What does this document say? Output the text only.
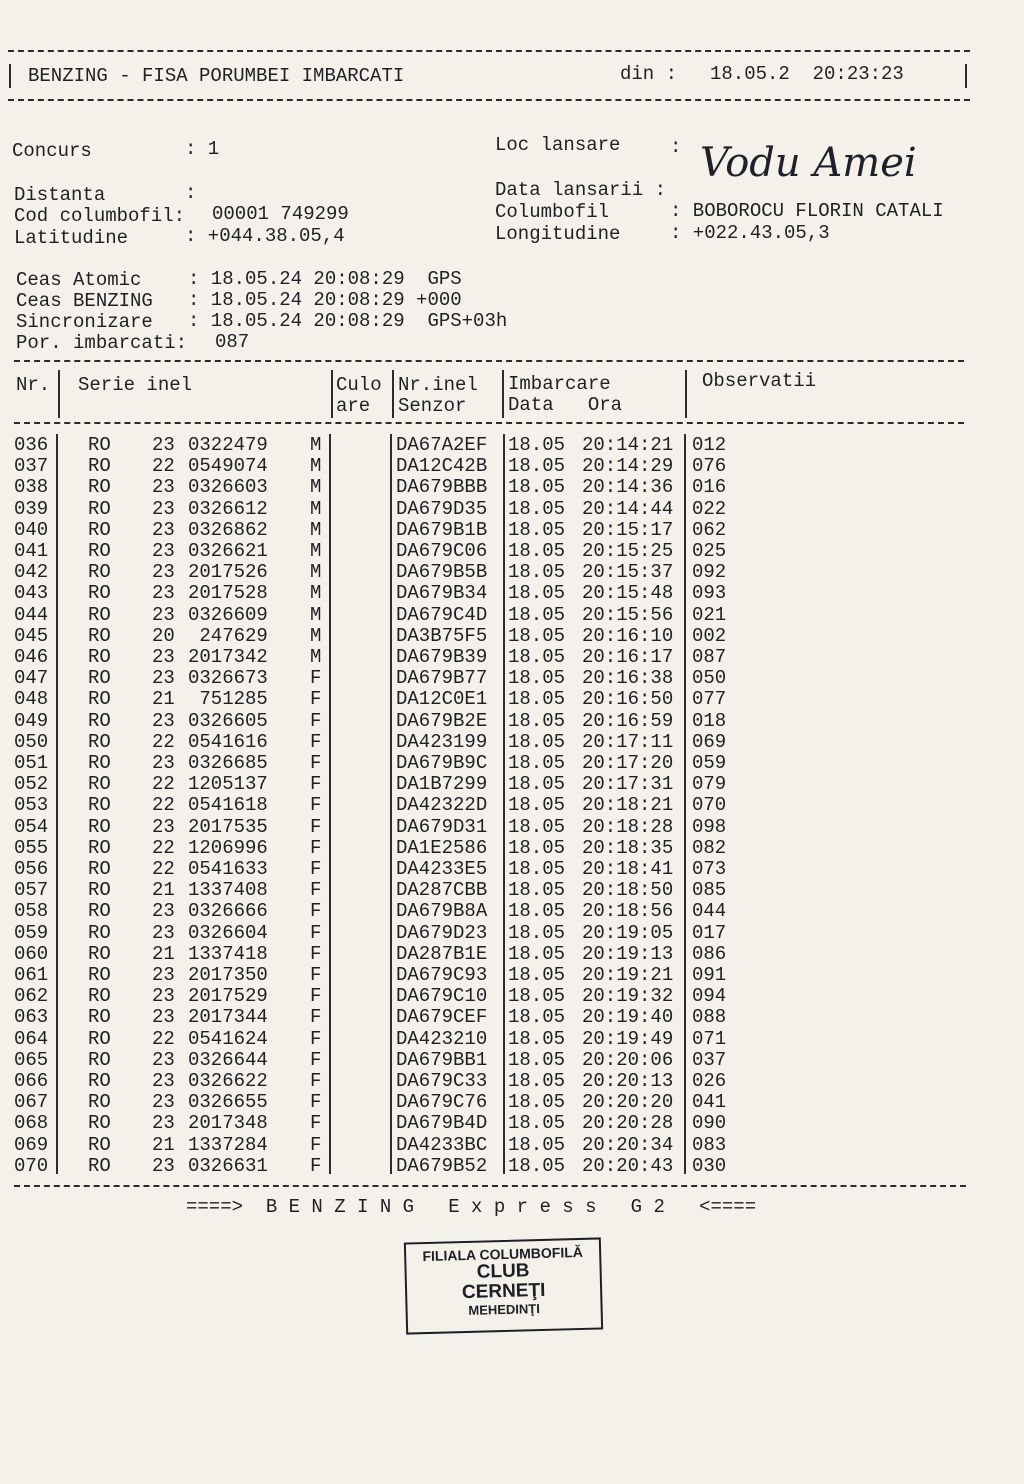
BENZING - FISA PORUMBEI IMBARCATI	din : 18.05.2  20:23:23
Concurs	: 1	Loc lansare	: Vodu Amei
Distanta	:	Data lansarii :
Cod columbofil: 00001 749299	Columbofil	: BOBOROCU FLORIN CATALI
Latitudine	: +044.38.05,4	Longitudine	: +022.43.05,3
Ceas Atomic : 18.05.24 20:08:29  GPS
Ceas BENZING : 18.05.24 20:08:29 +000
Sincronizare : 18.05.24 20:08:29  GPS+03h
Por. imbarcati: 087
Nr. Serie inel	Culo
are
Nr.inel
Senzor
Imbarcare
Data   Ora
Observatii
036 RO 23 0322479 M	DA67A2EF 18.05 20:14:21 012
037 RO 22 0549074 M	DA12C42B 18.05 20:14:29 076
038 RO 23 0326603 M	DA679BBB 18.05 20:14:36 016
039 RO 23 0326612 M	DA679D35 18.05 20:14:44 022
040 RO 23 0326862 M	DA679B1B 18.05 20:15:17 062
041 RO 23 0326621 M	DA679C06 18.05 20:15:25 025
042 RO 23 2017526 M	DA679B5B 18.05 20:15:37 092
043 RO 23 2017528 M	DA679B34 18.05 20:15:48 093
044 RO 23 0326609 M	DA679C4D 18.05 20:15:56 021
045 RO 20 247629 M	DA3B75F5 18.05 20:16:10 002
046 RO 23 2017342 M	DA679B39 18.05 20:16:17 087
047 RO 23 0326673 F	DA679B77 18.05 20:16:38 050
048 RO 21 751285 F	DA12C0E1 18.05 20:16:50 077
049 RO 23 0326605 F	DA679B2E 18.05 20:16:59 018
050 RO 22 0541616 F	DA423199 18.05 20:17:11 069
051 RO 23 0326685 F	DA679B9C 18.05 20:17:20 059
052 RO 22 1205137 F	DA1B7299 18.05 20:17:31 079
053 RO 22 0541618 F	DA42322D 18.05 20:18:21 070
054 RO 23 2017535 F	DA679D31 18.05 20:18:28 098
055 RO 22 1206996 F	DA1E2586 18.05 20:18:35 082
056 RO 22 0541633 F	DA4233E5 18.05 20:18:41 073
057 RO 21 1337408 F	DA287CBB 18.05 20:18:50 085
058 RO 23 0326666 F	DA679B8A 18.05 20:18:56 044
059 RO 23 0326604 F	DA679D23 18.05 20:19:05 017
060 RO 21 1337418 F	DA287B1E 18.05 20:19:13 086
061 RO 23 2017350 F	DA679C93 18.05 20:19:21 091
062 RO 23 2017529 F	DA679C10 18.05 20:19:32 094
063 RO 23 2017344 F	DA679CEF 18.05 20:19:40 088
064 RO 22 0541624 F	DA423210 18.05 20:19:49 071
065 RO 23 0326644 F	DA679BB1 18.05 20:20:06 037
066 RO 23 0326622 F	DA679C33 18.05 20:20:13 026
067 RO 23 0326655 F	DA679C76 18.05 20:20:20 041
068 RO 23 2017348 F	DA679B4D 18.05 20:20:28 090
069 RO 21 1337284 F	DA4233BC 18.05 20:20:34 083
070 RO 23 0326631 F	DA679B52 18.05 20:20:43 030
====>  B E N Z I N G   E x p r e s s   G 2   <====
FILIALA COLUMBOFILĂ
CLUB
CERNEŢI
MEHEDINŢI
